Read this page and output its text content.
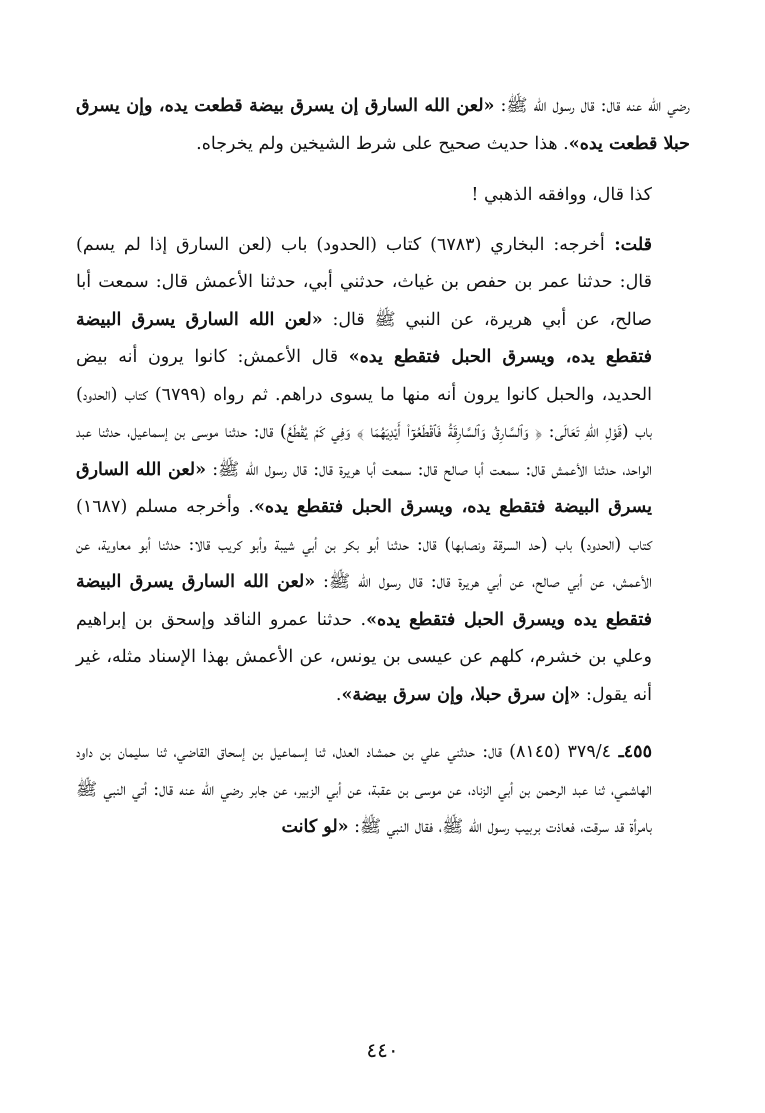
رضي الله عنه قال: قال رسول الله ﷺ: «لعن الله السارق إن يسرق بيضة قطعت يده، وإن يسرق حبلا قطعت يده». هذا حديث صحيح على شرط الشيخين ولم يخرجاه.

كذا قال، ووافقه الذهبي !

قلت: أخرجه: البخاري (٦٧٨٣) كتاب (الحدود) باب (لعن السارق إذا لم يسم) قال: حدثنا عمر بن حفص بن غياث، حدثني أبي، حدثنا الأعمش قال: سمعت أبا صالح، عن أبي هريرة، عن النبي ﷺ قال: «لعن الله السارق يسرق البيضة فتقطع يده، ويسرق الحبل فتقطع يده» قال الأعمش: كانوا يرون أنه بيض الحديد، والحبل كانوا يرون أنه منها ما يسوى دراهم. ثم رواه (٦٧٩٩) كتاب (الحدود) باب (قَوْلِ اللهِ تَعَالَى: ﴿ وَٱلسَّارِقُ وَٱلسَّارِقَةُ فَٱقْطَعُوٓاْ أَيْدِيَهُمَا ﴾ وَفِي كَمْ يُقْطَعُ) قال: حدثنا موسى بن إسماعيل، حدثنا عبد الواحد، حدثنا الأعمش قال: سمعت أبا صالح قال: سمعت أبا هريرة قال: قال رسول الله ﷺ: «لعن الله السارق يسرق البيضة فتقطع يده، ويسرق الحبل فتقطع يده». وأخرجه مسلم (١٦٨٧) كتاب (الحدود) باب (حد السرقة ونصابها) قال: حدثنا أبو بكر بن أبي شيبة وأبو كريب قالا: حدثنا أبو معاوية، عن الأعمش، عن أبي صالح، عن أبي هريرة قال: قال رسول الله ﷺ: «لعن الله السارق يسرق البيضة فتقطع يده ويسرق الحبل فتقطع يده». حدثنا عمرو الناقد وإسحق بن إبراهيم وعلي بن خشرم، كلهم عن عيسى بن يونس، عن الأعمش بهذا الإسناد مثله، غير أنه يقول: «إن سرق حبلا، وإن سرق بيضة».

٤٥٥ـ ٣٧٩/٤ (٨١٤٥) قال: حدثني علي بن حمشاد العدل، ثنا إسماعيل بن إسحاق القاضي، ثنا سليمان بن داود الهاشمي، ثنا عبد الرحمن بن أبي الزناد، عن موسى بن عقبة، عن أبي الزبير، عن جابر رضي الله عنه قال: أتي النبي ﷺ بامرأة قد سرقت، فعاذت بربيب رسول الله ﷺ، فقال النبي ﷺ: «لو كانت

٤٤٠
